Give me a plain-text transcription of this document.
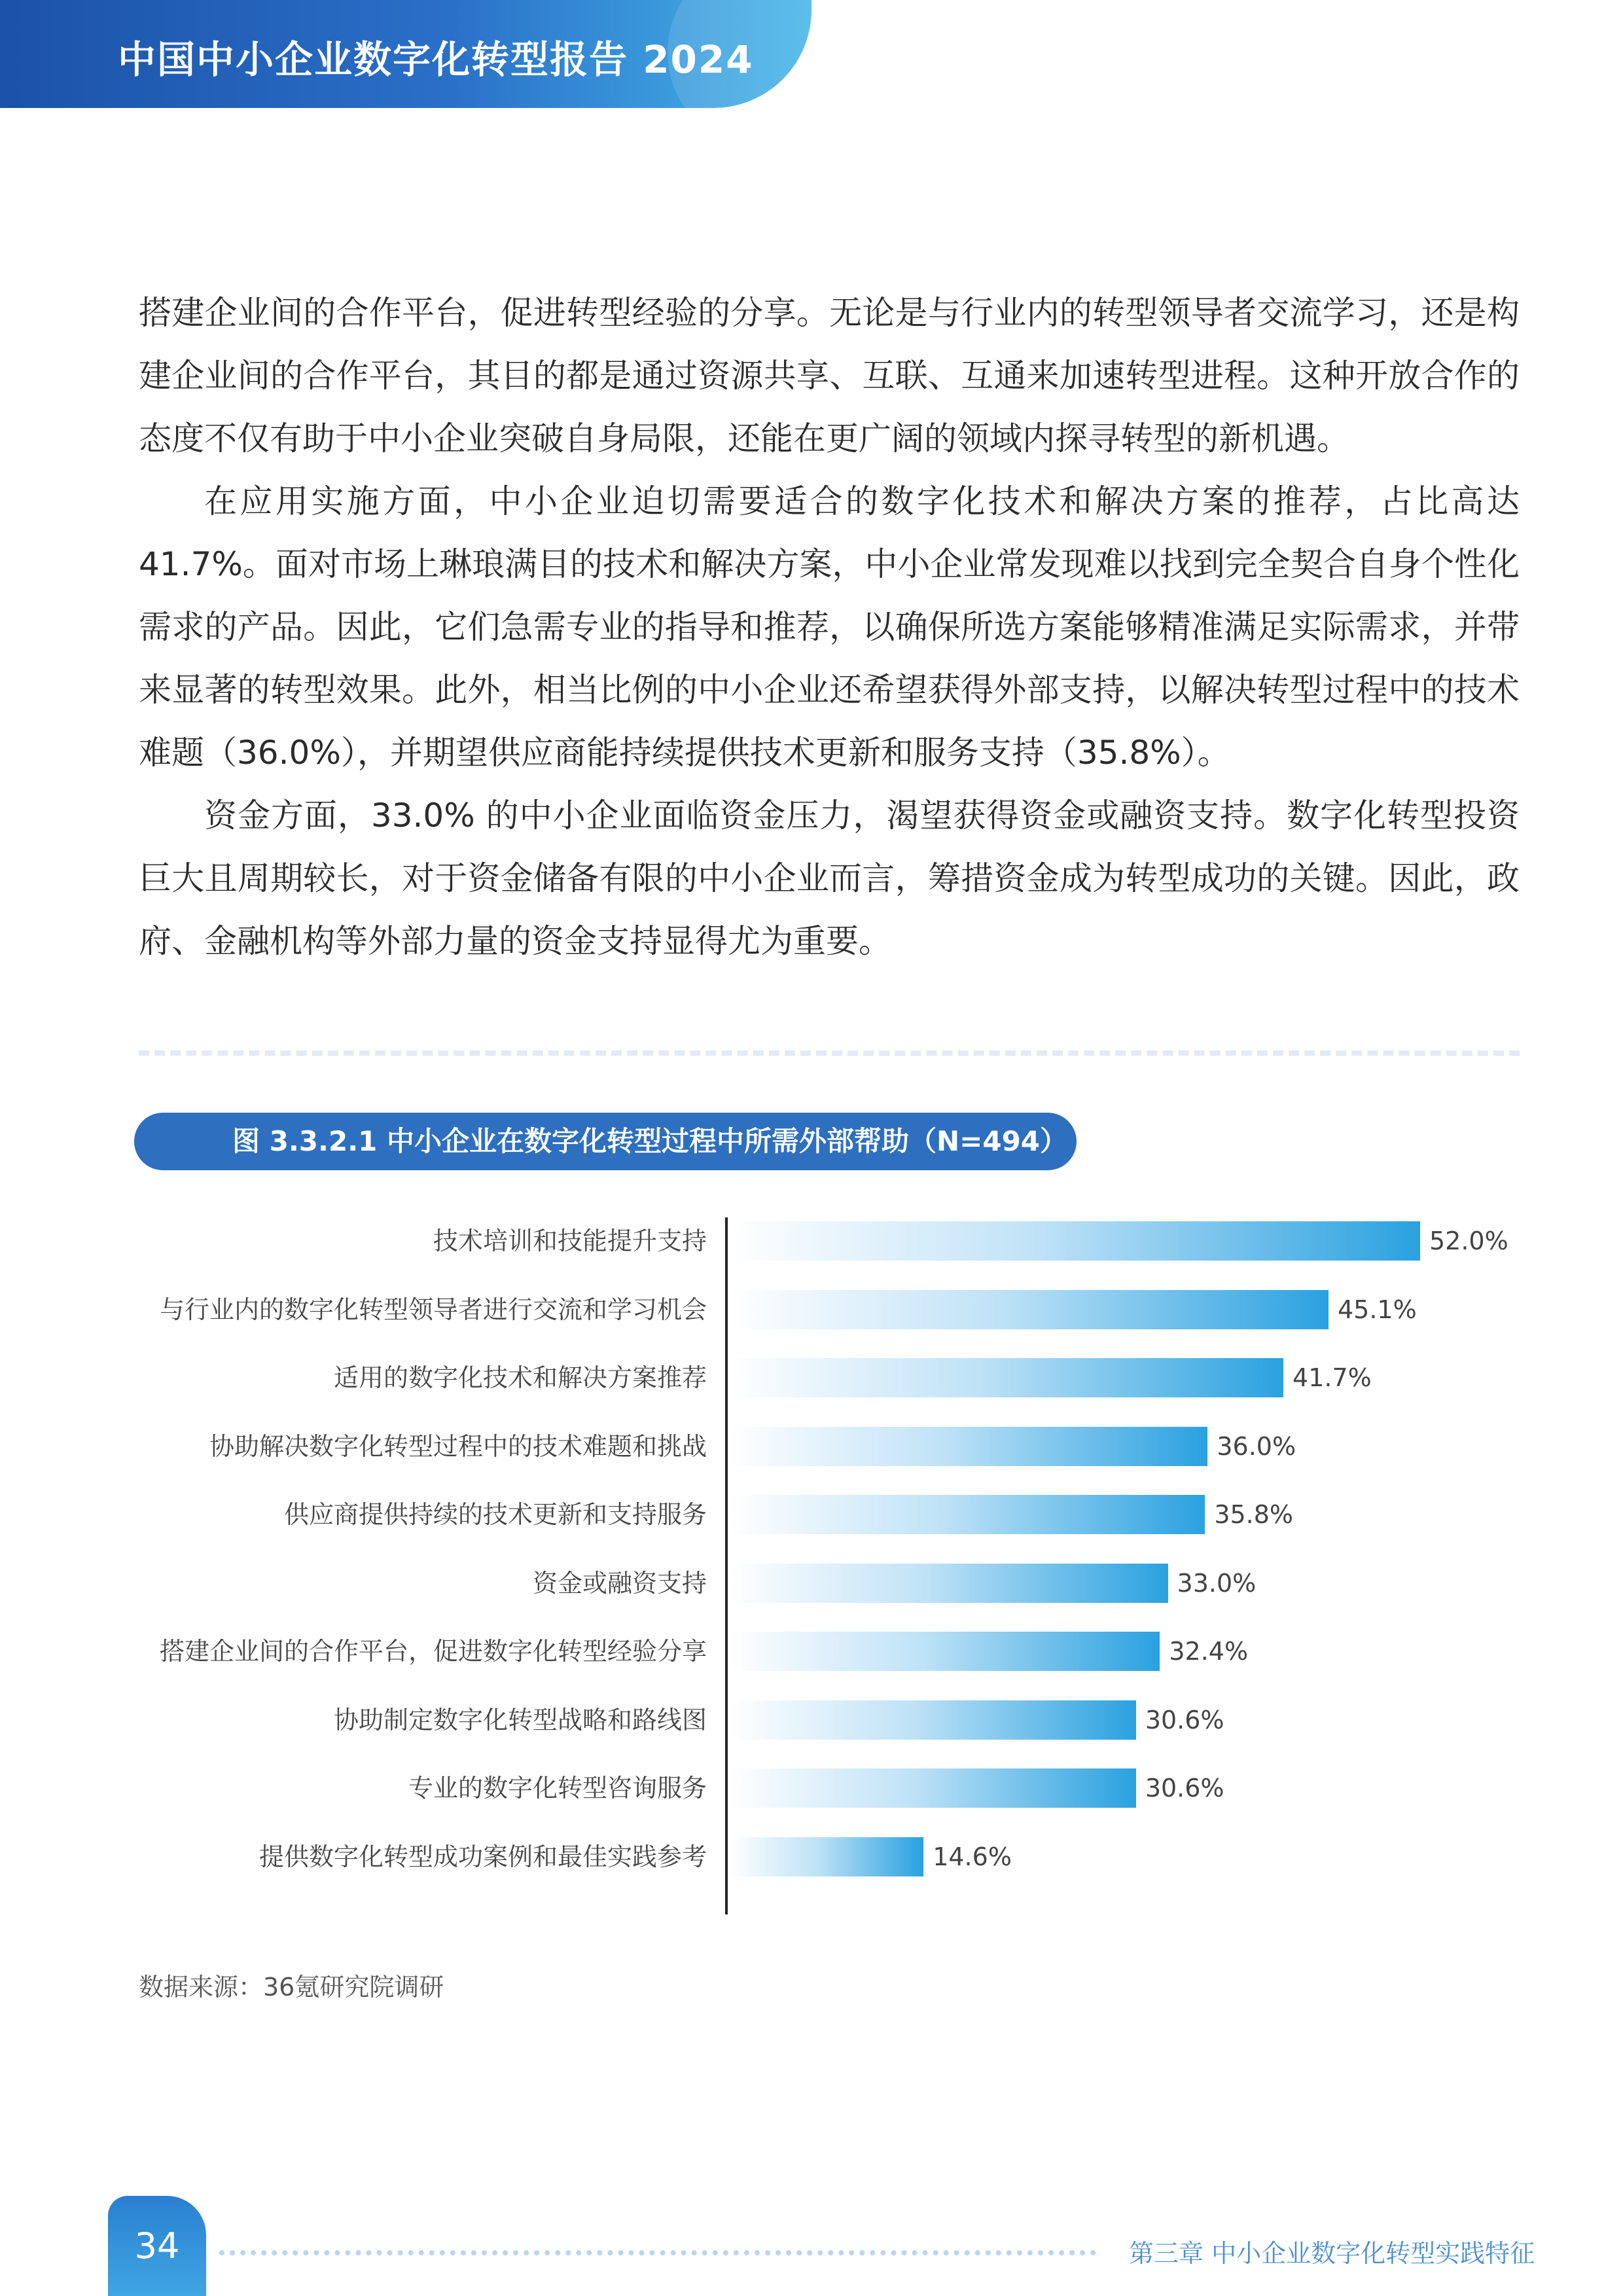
中国中小企业数字化转型报告 2024

搭建企业间的合作平台，促进转型经验的分享。无论是与行业内的转型领导者交流学习，还是构建企业间的合作平台，其目的都是通过资源共享、互联、互通来加速转型进程。这种开放合作的态度不仅有助于中小企业突破自身局限，还能在更广阔的领域内探寻转型的新机遇。

在应用实施方面，中小企业迫切需要适合的数字化技术和解决方案的推荐，占比高达41.7%。面对市场上琳琅满目的技术和解决方案，中小企业常发现难以找到完全契合自身个性化需求的产品。因此，它们急需专业的指导和推荐，以确保所选方案能够精准满足实际需求，并带来显著的转型效果。此外，相当比例的中小企业还希望获得外部支持，以解决转型过程中的技术难题（36.0%），并期望供应商能持续提供技术更新和服务支持（35.8%）。

资金方面，33.0% 的中小企业面临资金压力，渴望获得资金或融资支持。数字化转型投资巨大且周期较长，对于资金储备有限的中小企业而言，筹措资金成为转型成功的关键。因此，政府、金融机构等外部力量的资金支持显得尤为重要。

图 3.3.2.1 中小企业在数字化转型过程中所需外部帮助（N=494）
技术培训和技能提升支持	52.0%
与行业内的数字化转型领导者进行交流和学习机会	45.1%
适用的数字化技术和解决方案推荐	41.7%
协助解决数字化转型过程中的技术难题和挑战	36.0%
供应商提供持续的技术更新和支持服务	35.8%
资金或融资支持	33.0%
搭建企业间的合作平台，促进数字化转型经验分享	32.4%
协助制定数字化转型战略和路线图	30.6%
专业的数字化转型咨询服务	30.6%
提供数字化转型成功案例和最佳实践参考	14.6%
数据来源：36氪研究院调研
34	第三章 中小企业数字化转型实践特征
